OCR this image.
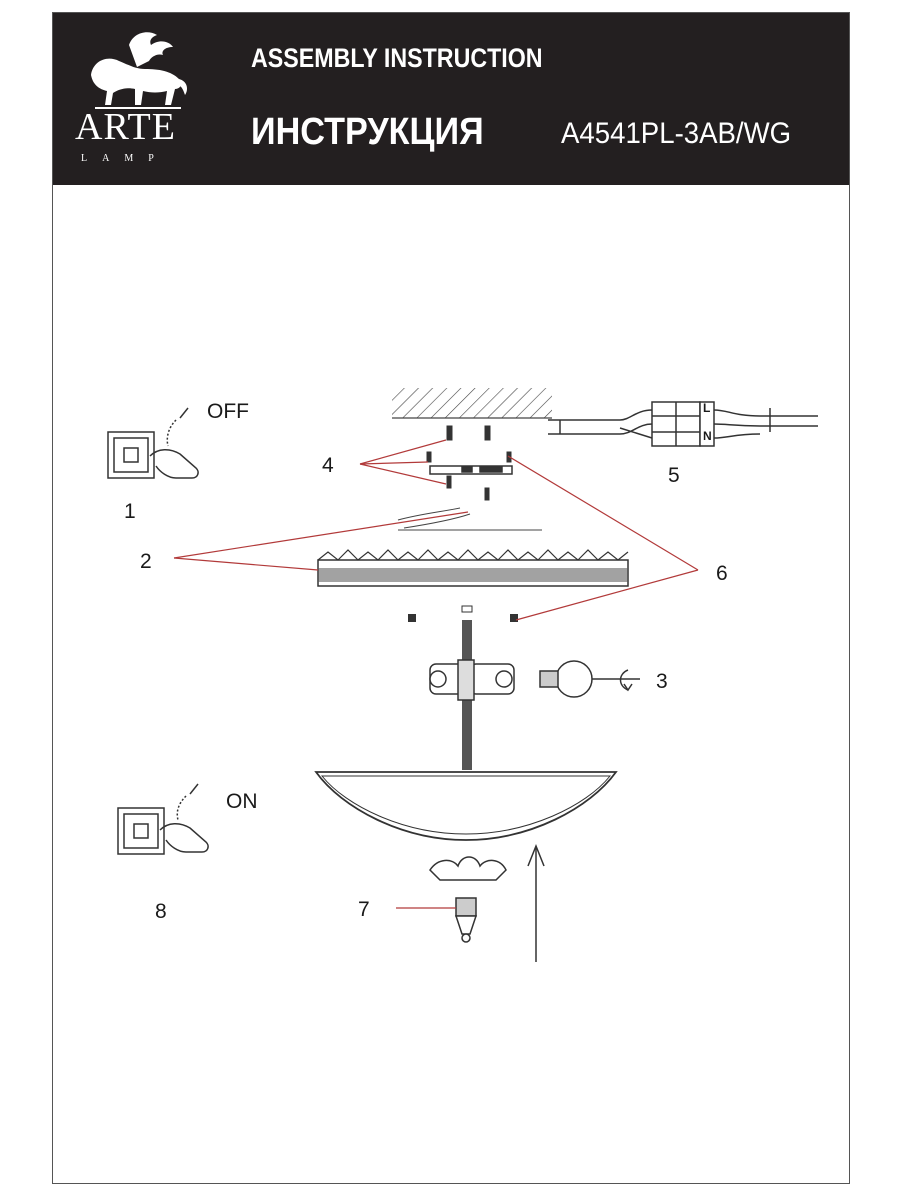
ARTE
LAMP
ASSEMBLY INSTRUCTION
ИНСТРУКЦИЯ	A4541PL-3AB/WG
OFF
ON
1
2
3
4	5
6
7
8
L
N
